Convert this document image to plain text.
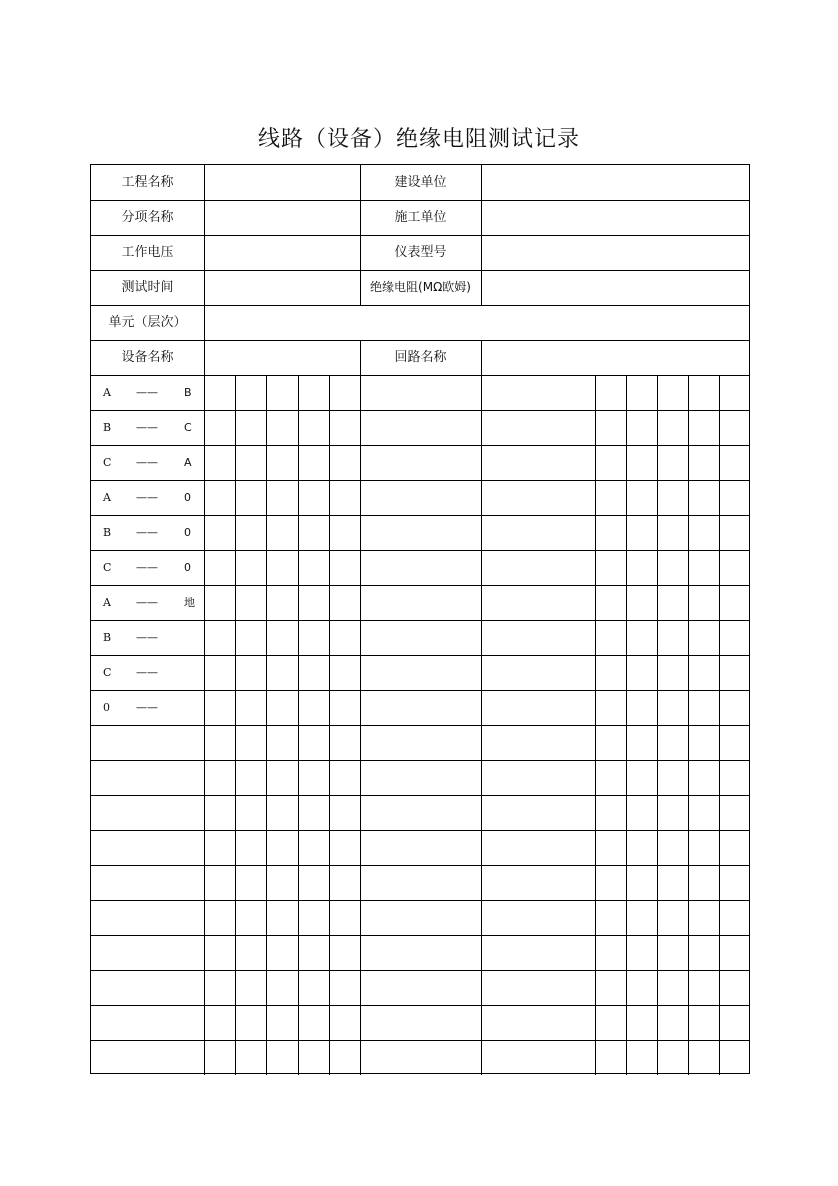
线路（设备）绝缘电阻测试记录
工程名称
分项名称
工作电压
测试时间
单元（层次）
设备名称
建设单位
施工单位
仪表型号
绝缘电阻(MΩ欧姆)
回路名称
A —— B
B —— C
C —— A
A —— 0
B —— 0
C —— 0
A —— 地
B ——
C ——
0 ——
